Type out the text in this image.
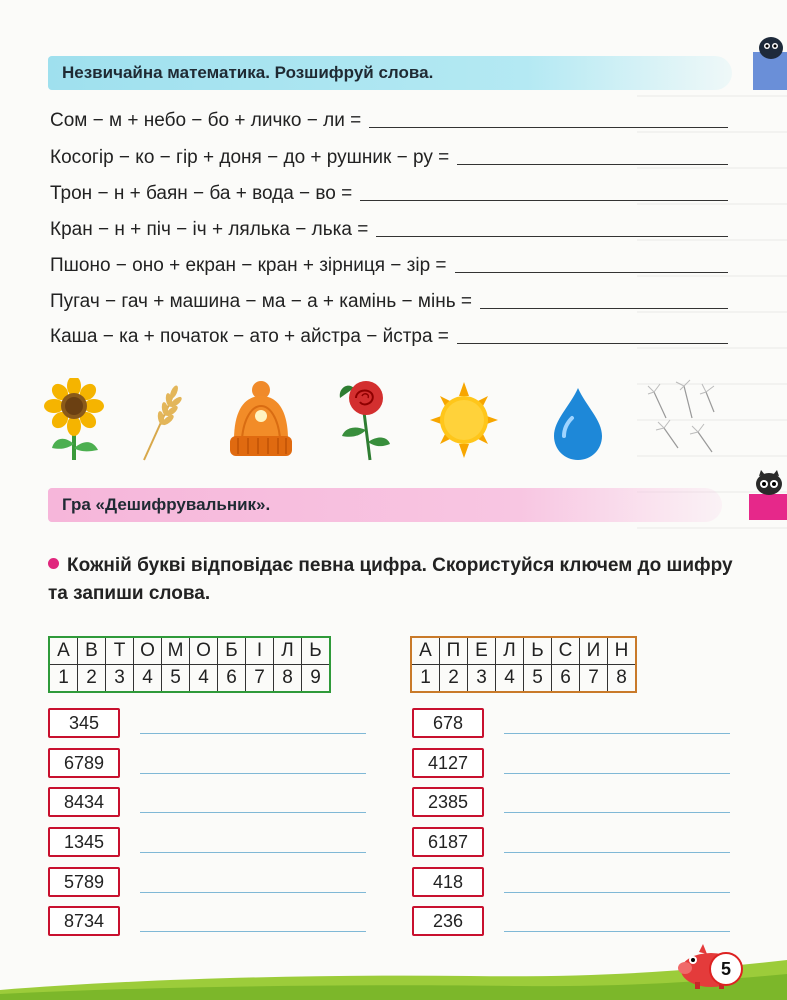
Незвичайна математика. Розшифруй слова.
Сом − м + небо − бо + личко − ли =
Косогір − ко − гір + доня − до + рушник − ру =
Трон − н + баян − ба + вода − во =
Кран − н + піч − іч + лялька − лька =
Пшоно − оно + екран − кран + зірниця − зір =
Пугач − гач + машина − ма − а + камінь − мінь =
Каша − ка + початок − ато + айстра − йстра =
Гра «Дешифрувальник».
Кожній букві відповідає певна цифра. Скористуйся ключем до шифру та запиши слова.
А	В	Т	О	М	О	Б	І	Л	Ь
1	2	3	4	5	4	6	7	8	9
А	П	Е	Л	Ь	С	И	Н
1	2	3	4	5	6	7	8
345
6789
8434
1345
5789
8734
678
4127
2385
6187
418
236
5
